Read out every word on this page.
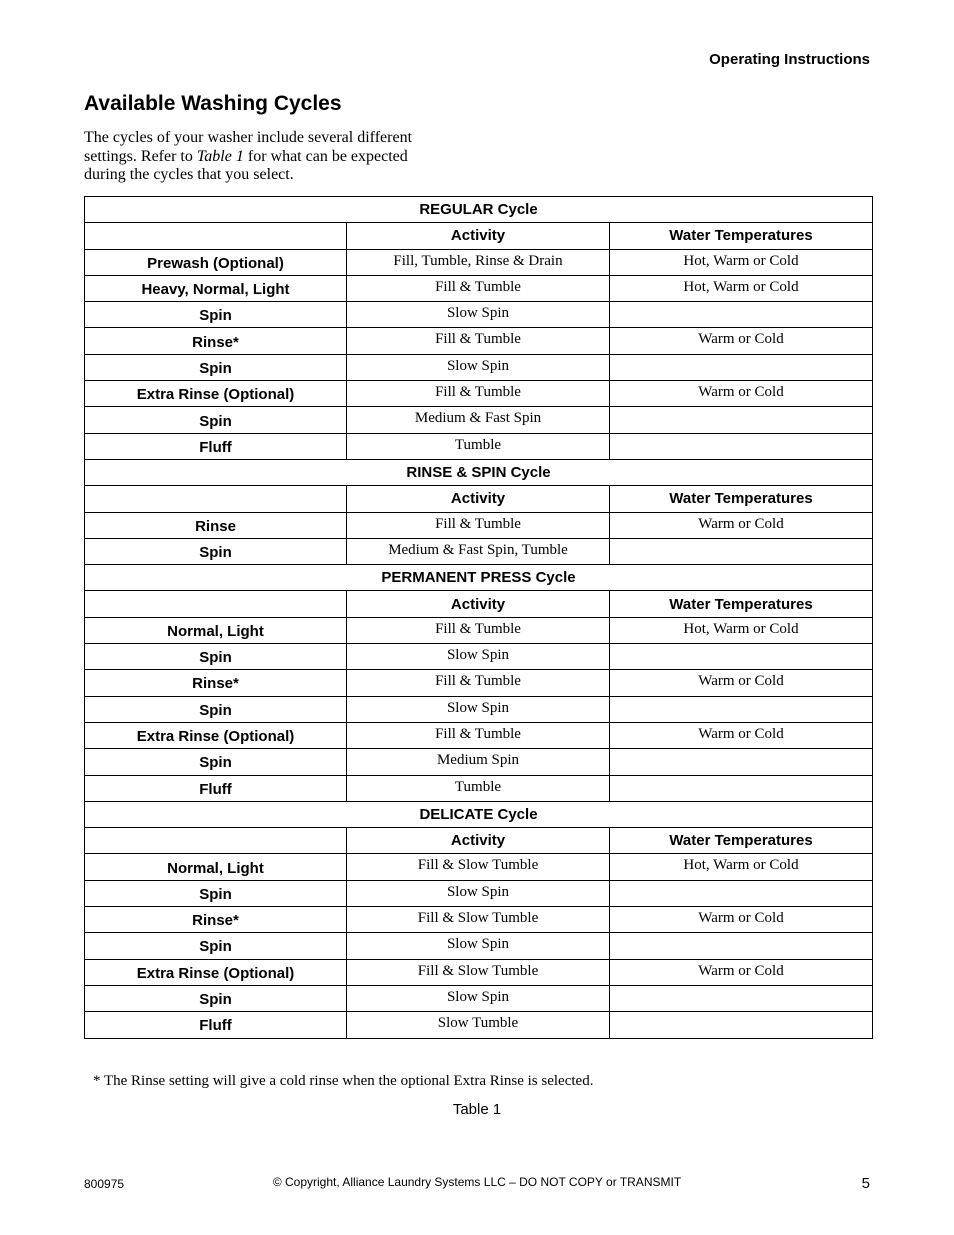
Operating Instructions
Available Washing Cycles

The cycles of your washer include several different settings. Refer to Table 1 for what can be expected during the cycles that you select.

REGULAR Cycle		
	Activity	Water Temperatures
Prewash (Optional)	Fill, Tumble, Rinse & Drain	Hot, Warm or Cold
Heavy, Normal, Light	Fill & Tumble	Hot, Warm or Cold
Spin	Slow Spin	
Rinse*	Fill & Tumble	Warm or Cold
Spin	Slow Spin	
Extra Rinse (Optional)	Fill & Tumble	Warm or Cold
Spin	Medium & Fast Spin	
Fluff	Tumble	
RINSE & SPIN Cycle		
	Activity	Water Temperatures
Rinse	Fill & Tumble	Warm or Cold
Spin	Medium & Fast Spin, Tumble	
PERMANENT PRESS Cycle		
	Activity	Water Temperatures
Normal, Light	Fill & Tumble	Hot, Warm or Cold
Spin	Slow Spin	
Rinse*	Fill & Tumble	Warm or Cold
Spin	Slow Spin	
Extra Rinse (Optional)	Fill & Tumble	Warm or Cold
Spin	Medium Spin	
Fluff	Tumble	
DELICATE Cycle		
	Activity	Water Temperatures
Normal, Light	Fill & Slow Tumble	Hot, Warm or Cold
Spin	Slow Spin	
Rinse*	Fill & Slow Tumble	Warm or Cold
Spin	Slow Spin	
Extra Rinse (Optional)	Fill & Slow Tumble	Warm or Cold
Spin	Slow Spin	
Fluff	Slow Tumble	

* The Rinse setting will give a cold rinse when the optional Extra Rinse is selected.

Table 1
800975	© Copyright, Alliance Laundry Systems LLC – DO NOT COPY or TRANSMIT	5
